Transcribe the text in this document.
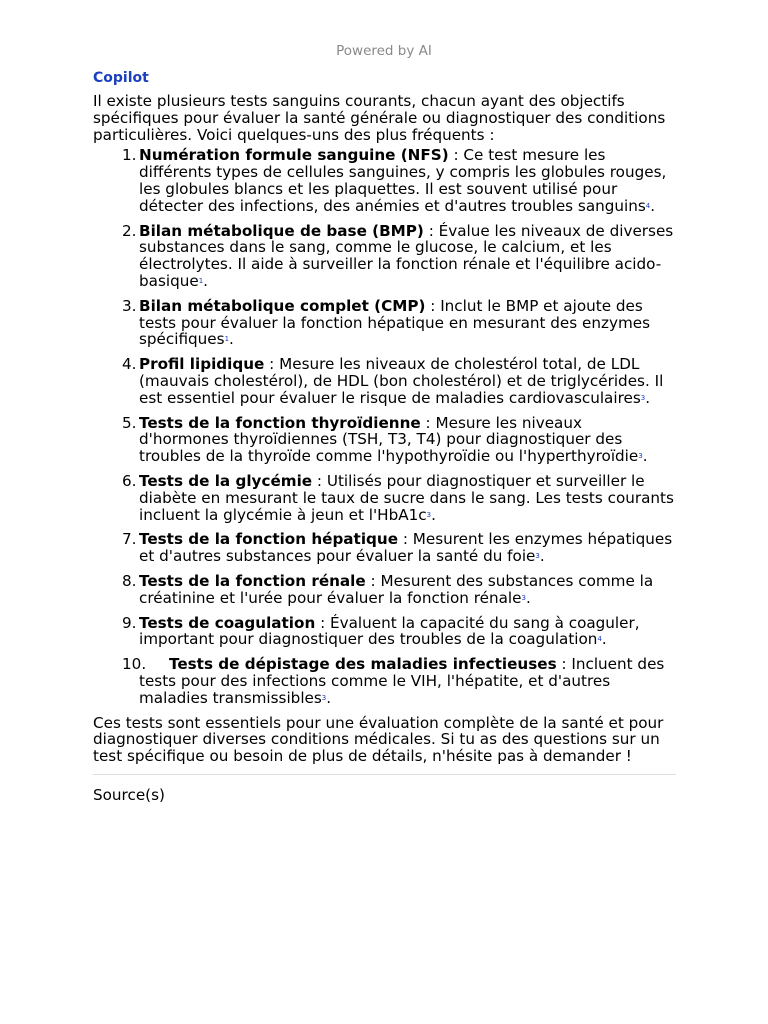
Powered by AI
Copilot
Il existe plusieurs tests sanguins courants, chacun ayant des objectifs spécifiques pour évaluer la santé générale ou diagnostiquer des conditions particulières. Voici quelques-uns des plus fréquents :
1. Numération formule sanguine (NFS) : Ce test mesure les différents types de cellules sanguines, y compris les globules rouges, les globules blancs et les plaquettes. Il est souvent utilisé pour détecter des infections, des anémies et d'autres troubles sanguins$^4$.
2. Bilan métabolique de base (BMP) : Évalue les niveaux de diverses substances dans le sang, comme le glucose, le calcium, et les électrolytes. Il aide à surveiller la fonction rénale et l'équilibre acido-basique$^1$.
3. Bilan métabolique complet (CMP) : Inclut le BMP et ajoute des tests pour évaluer la fonction hépatique en mesurant des enzymes spécifiques$^1$.
4. Profil lipidique : Mesure les niveaux de cholestérol total, de LDL (mauvais cholestérol), de HDL (bon cholestérol) et de triglycérides. Il est essentiel pour évaluer le risque de maladies cardiovasculaires$^3$.
5. Tests de la fonction thyroïdienne : Mesure les niveaux d'hormones thyroïdiennes (TSH, T3, T4) pour diagnostiquer des troubles de la thyroïde comme l'hypothyroïdie ou l'hyperthyroïdie$^3$.
6. Tests de la glycémie : Utilisés pour diagnostiquer et surveiller le diabète en mesurant le taux de sucre dans le sang. Les tests courants incluent la glycémie à jeun et l'HbA1c$^3$.
7. Tests de la fonction hépatique : Mesurent les enzymes hépatiques et d'autres substances pour évaluer la santé du foie$^3$.
8. Tests de la fonction rénale : Mesurent des substances comme la créatinine et l'urée pour évaluer la fonction rénale$^3$.
9. Tests de coagulation : Évaluent la capacité du sang à coaguler, important pour diagnostiquer des troubles de la coagulation$^4$.
10. Tests de dépistage des maladies infectieuses : Incluent des tests pour des infections comme le VIH, l'hépatite, et d'autres maladies transmissibles$^3$.
Ces tests sont essentiels pour une évaluation complète de la santé et pour diagnostiquer diverses conditions médicales. Si tu as des questions sur un test spécifique ou besoin de plus de détails, n'hésite pas à demander !
Source(s)
